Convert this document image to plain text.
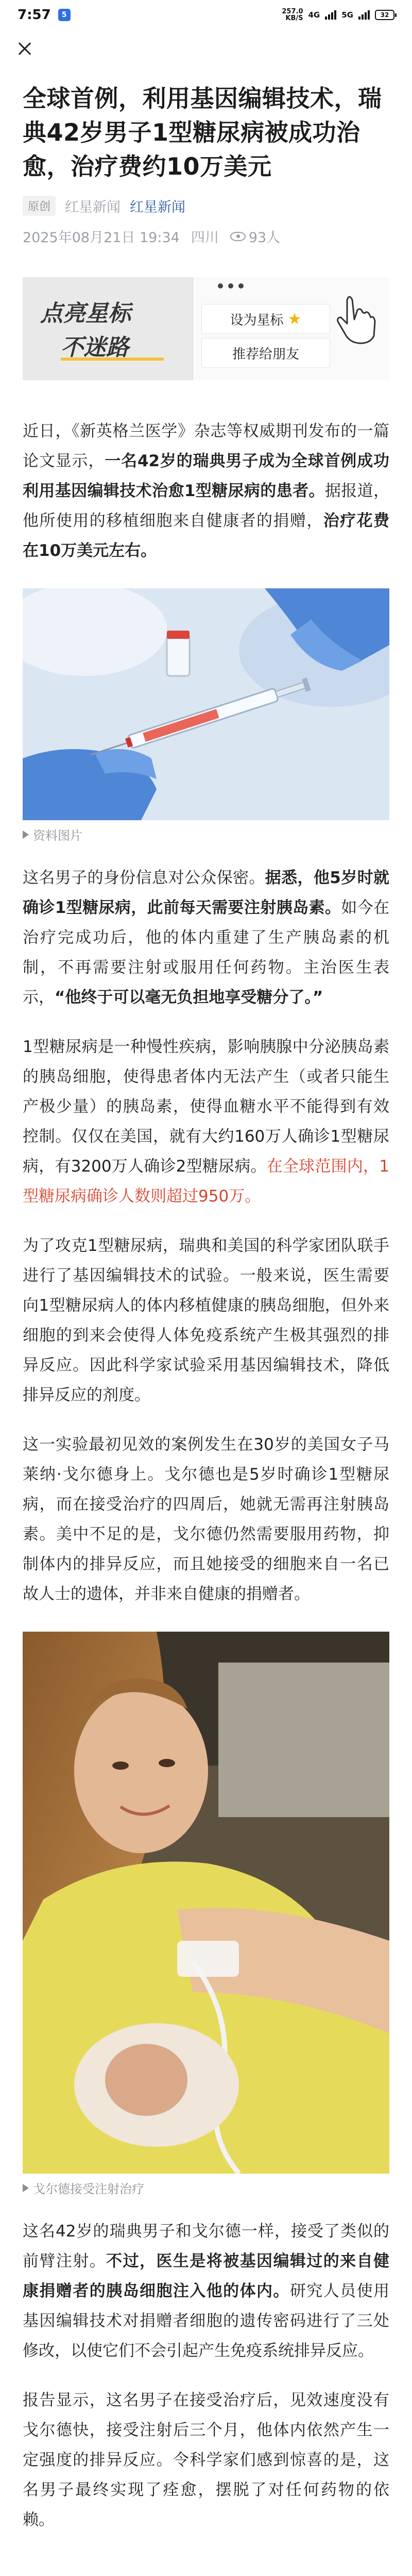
7:57 5	257.0
KB/S 4G	5G	32
全球首例，利用基因编辑技术，瑞典42岁男子1型糖尿病被成功治愈，治疗费约10万美元
原创	红星新闻 红星新闻
2025年08月21日 19:34 四川 93人
点亮星标
不迷路
设为星标 ★
推荐给朋友

近日，《新英格兰医学》杂志等权威期刊发布的一篇论文显示，一名42岁的瑞典男子成为全球首例成功利用基因编辑技术治愈1型糖尿病的患者。据报道，他所使用的移植细胞来自健康者的捐赠，治疗花费在10万美元左右。

资料图片

这名男子的身份信息对公众保密。据悉，他5岁时就确诊1型糖尿病，此前每天需要注射胰岛素。如今在治疗完成功后，他的体内重建了生产胰岛素的机制，不再需要注射或服用任何药物。主治医生表示，“他终于可以毫无负担地享受糖分了。”

1型糖尿病是一种慢性疾病，影响胰腺中分泌胰岛素的胰岛细胞，使得患者体内无法产生（或者只能生产极少量）的胰岛素，使得血糖水平不能得到有效控制。仅仅在美国，就有大约160万人确诊1型糖尿病，有3200万人确诊2型糖尿病。在全球范围内，1型糖尿病确诊人数则超过950万。

为了攻克1型糖尿病，瑞典和美国的科学家团队联手进行了基因编辑技术的试验。一般来说，医生需要向1型糖尿病人的体内移植健康的胰岛细胞，但外来细胞的到来会使得人体免疫系统产生极其强烈的排异反应。因此科学家试验采用基因编辑技术，降低排异反应的剂度。

这一实验最初见效的案例发生在30岁的美国女子马莱纳·戈尔德身上。戈尔德也是5岁时确诊1型糖尿病，而在接受治疗的四周后，她就无需再注射胰岛素。美中不足的是，戈尔德仍然需要服用药物，抑制体内的排异反应，而且她接受的细胞来自一名已故人士的遗体，并非来自健康的捐赠者。

戈尔德接受注射治疗

这名42岁的瑞典男子和戈尔德一样，接受了类似的前臂注射。不过，医生是将被基因编辑过的来自健康捐赠者的胰岛细胞注入他的体内。研究人员使用基因编辑技术对捐赠者细胞的遗传密码进行了三处修改，以使它们不会引起产生免疫系统排异反应。

报告显示，这名男子在接受治疗后，见效速度没有戈尔德快，接受注射后三个月，他体内依然产生一定强度的排异反应。令科学家们感到惊喜的是，这名男子最终实现了痊愈，摆脱了对任何药物的依赖。
